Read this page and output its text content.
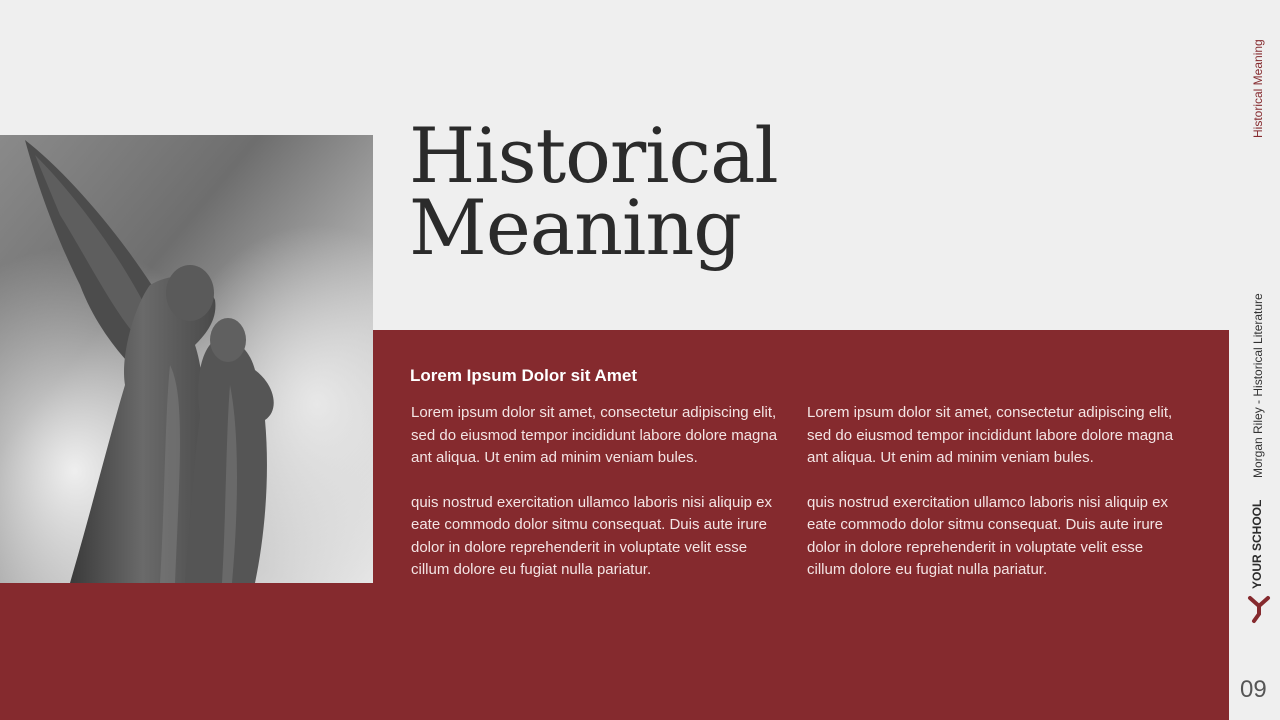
Historical
Meaning
Lorem Ipsum Dolor sit Amet

Lorem ipsum dolor sit amet, consectetur adipiscing elit, sed do eiusmod tempor incididunt labore dolore magna ant aliqua. Ut enim ad minim veniam bules.

quis nostrud exercitation ullamco laboris nisi aliquip ex eate commodo dolor sitmu consequat. Duis aute irure dolor in dolore reprehenderit in voluptate velit esse cillum dolore eu fugiat nulla pariatur.

Lorem ipsum dolor sit amet, consectetur adipiscing elit, sed do eiusmod tempor incididunt labore dolore magna ant aliqua. Ut enim ad minim veniam bules.

quis nostrud exercitation ullamco laboris nisi aliquip ex eate commodo dolor sitmu consequat. Duis aute irure dolor in dolore reprehenderit in voluptate velit esse cillum dolore eu fugiat nulla pariatur.

Historical Meaning
Morgan Riley - Historical Literature
YOUR SCHOOL
09
